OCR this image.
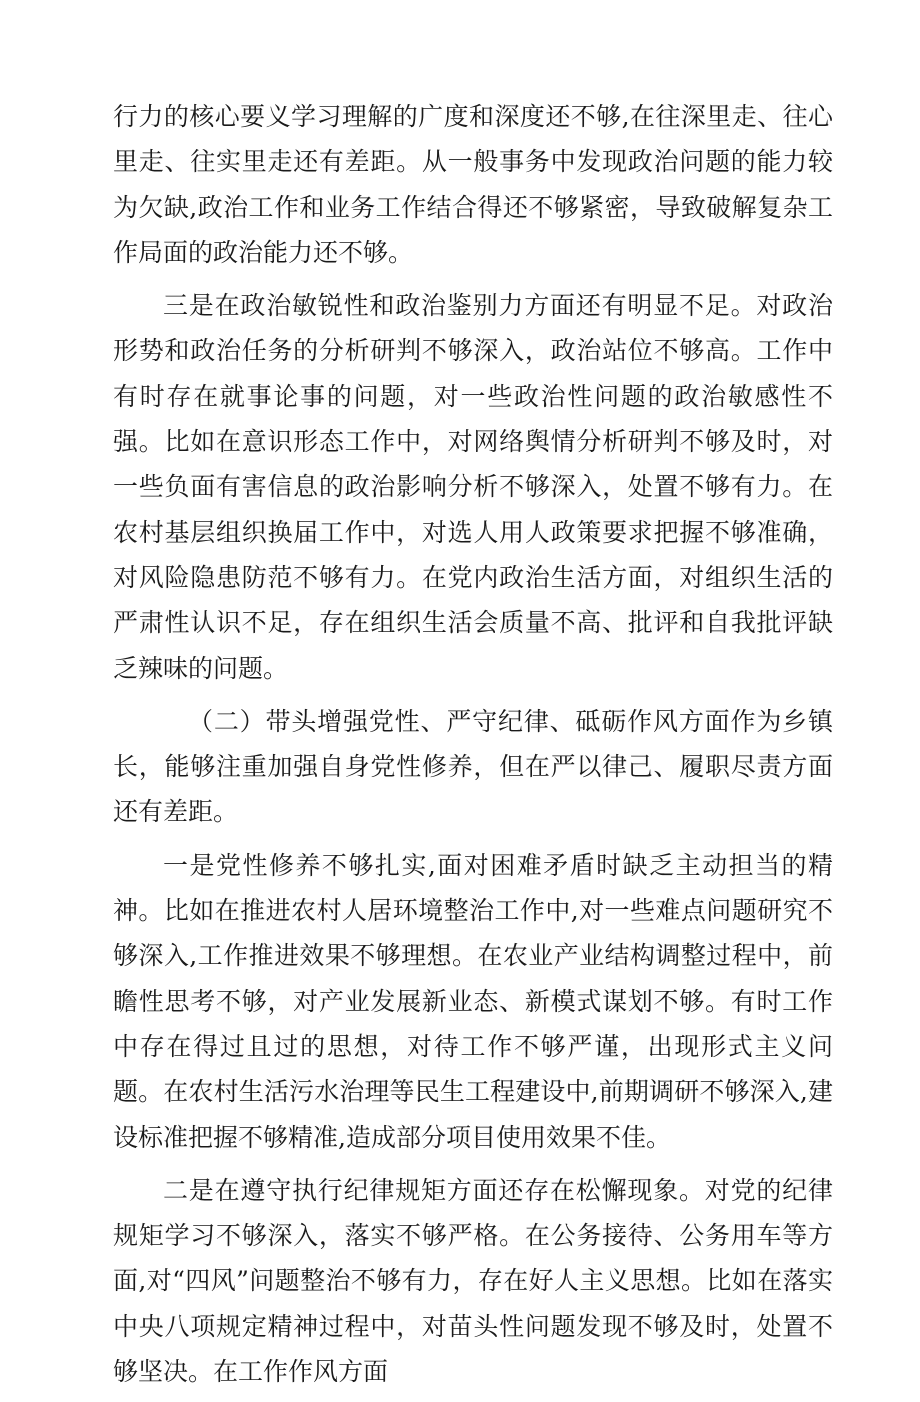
行力的核心要义学习理解的广度和深度还不够,在往深里走、往心里走、往实里走还有差距。从一般事务中发现政治问题的能力较为欠缺,政治工作和业务工作结合得还不够紧密，导致破解复杂工作局面的政治能力还不够。

三是在政治敏锐性和政治鉴别力方面还有明显不足。对政治形势和政治任务的分析研判不够深入，政治站位不够高。工作中有时存在就事论事的问题，对一些政治性问题的政治敏感性不强。比如在意识形态工作中，对网络舆情分析研判不够及时，对一些负面有害信息的政治影响分析不够深入，处置不够有力。在农村基层组织换届工作中，对选人用人政策要求把握不够准确，对风险隐患防范不够有力。在党内政治生活方面，对组织生活的严肃性认识不足，存在组织生活会质量不高、批评和自我批评缺乏辣味的问题。

（二）带头增强党性、严守纪律、砥砺作风方面作为乡镇长，能够注重加强自身党性修养，但在严以律己、履职尽责方面还有差距。

一是党性修养不够扎实,面对困难矛盾时缺乏主动担当的精神。比如在推进农村人居环境整治工作中,对一些难点问题研究不够深入,工作推进效果不够理想。在农业产业结构调整过程中，前瞻性思考不够，对产业发展新业态、新模式谋划不够。有时工作中存在得过且过的思想，对待工作不够严谨，出现形式主义问题。在农村生活污水治理等民生工程建设中,前期调研不够深入,建设标准把握不够精准,造成部分项目使用效果不佳。

二是在遵守执行纪律规矩方面还存在松懈现象。对党的纪律规矩学习不够深入，落实不够严格。在公务接待、公务用车等方面,对“四风”问题整治不够有力，存在好人主义思想。比如在落实中央八项规定精神过程中，对苗头性问题发现不够及时，处置不够坚决。在工作作风方面
